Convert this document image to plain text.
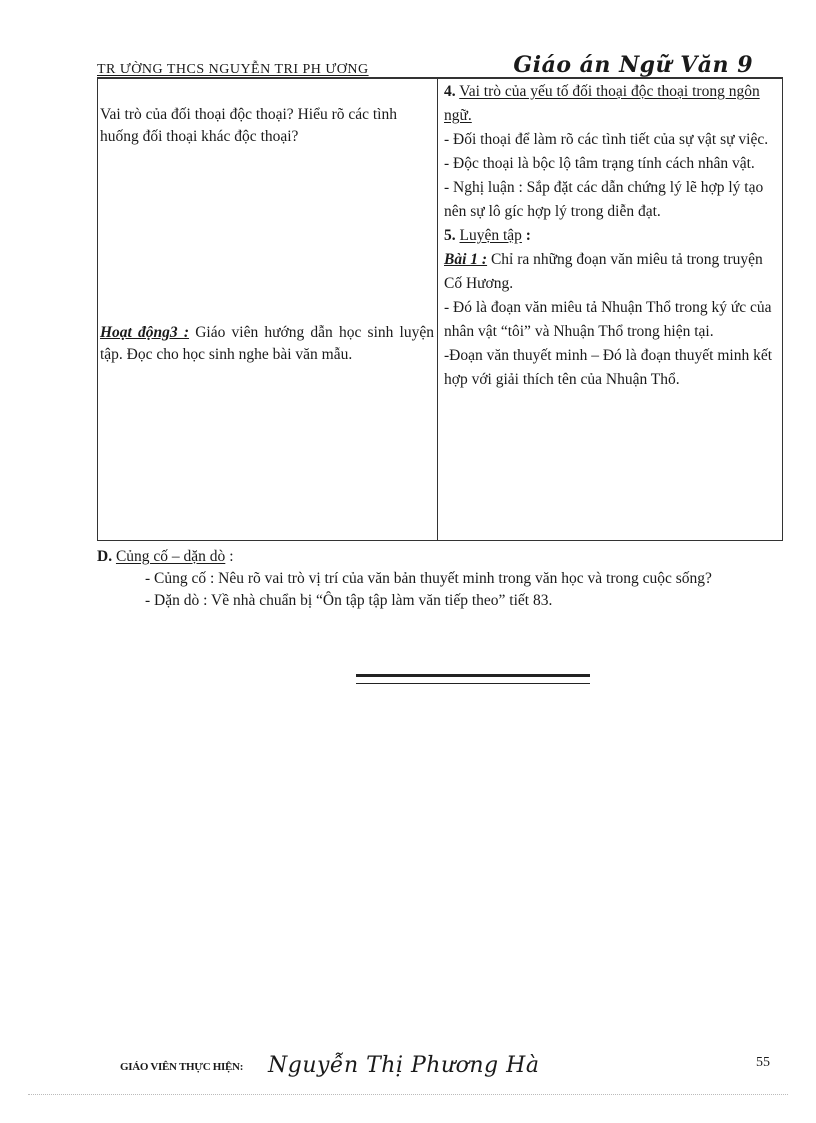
TR ƯỜNG THCS NGUYỄN TRI PH ƯƠNG	Giáo án Ngữ Văn 9

Vai trò của đối thoại độc thoại? Hiểu rõ các tình huống đối thoại khác độc thoại?

Hoạt động3 : Giáo viên hướng dẫn học sinh luyện tập. Đọc cho học sinh nghe bài văn mẫu.

4. Vai trò của yếu tố đối thoại độc thoại trong ngôn ngữ.

- Đối thoại để làm rõ các tình tiết của sự vật sự việc.

- Độc thoại là bộc lộ tâm trạng tính cách nhân vật.

- Nghị luận : Sắp đặt các dẫn chứng lý lẽ hợp lý tạo nên sự lô gíc hợp lý trong diễn đạt.

5. Luyện tập :

Bài 1 : Chỉ ra những đoạn văn miêu tả trong truyện Cố Hương.

- Đó là đoạn văn miêu tả Nhuận Thổ trong ký ức của nhân vật “tôi” và Nhuận Thổ trong hiện tại.

-Đoạn văn thuyết minh – Đó là đoạn thuyết minh kết hợp với giải thích tên của Nhuận Thổ.

D. Củng cố – dặn dò :

- Củng cố : Nêu rõ vai trò vị trí của văn bản thuyết minh trong văn học và trong cuộc sống?

- Dặn dò : Về nhà chuẩn bị “Ôn tập tập làm văn tiếp theo” tiết 83.

GIÁO VIÊN THỰC HIỆN: Nguyễn Thị Phương Hà	55
